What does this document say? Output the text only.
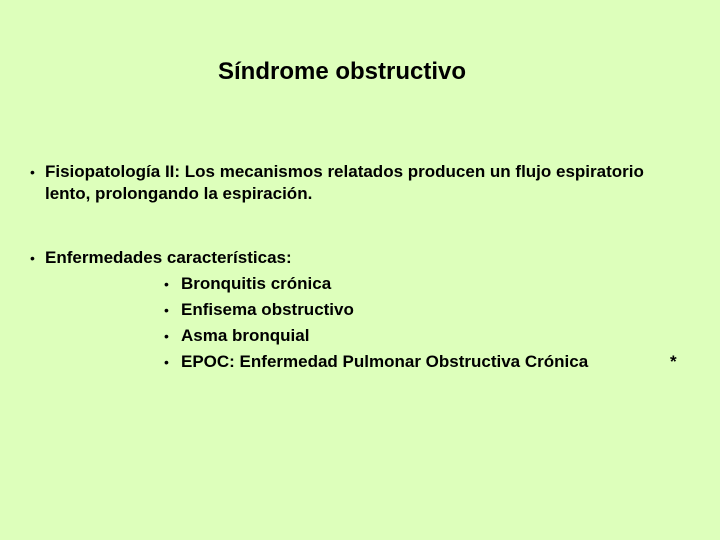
Síndrome obstructivo
• Fisiopatología II: Los mecanismos relatados producen un flujo espiratorio
lento, prolongando la espiración.
• Enfermedades características:
• Bronquitis crónica
• Enfisema obstructivo
• Asma bronquial
• EPOC: Enfermedad Pulmonar Obstructiva Crónica	*
